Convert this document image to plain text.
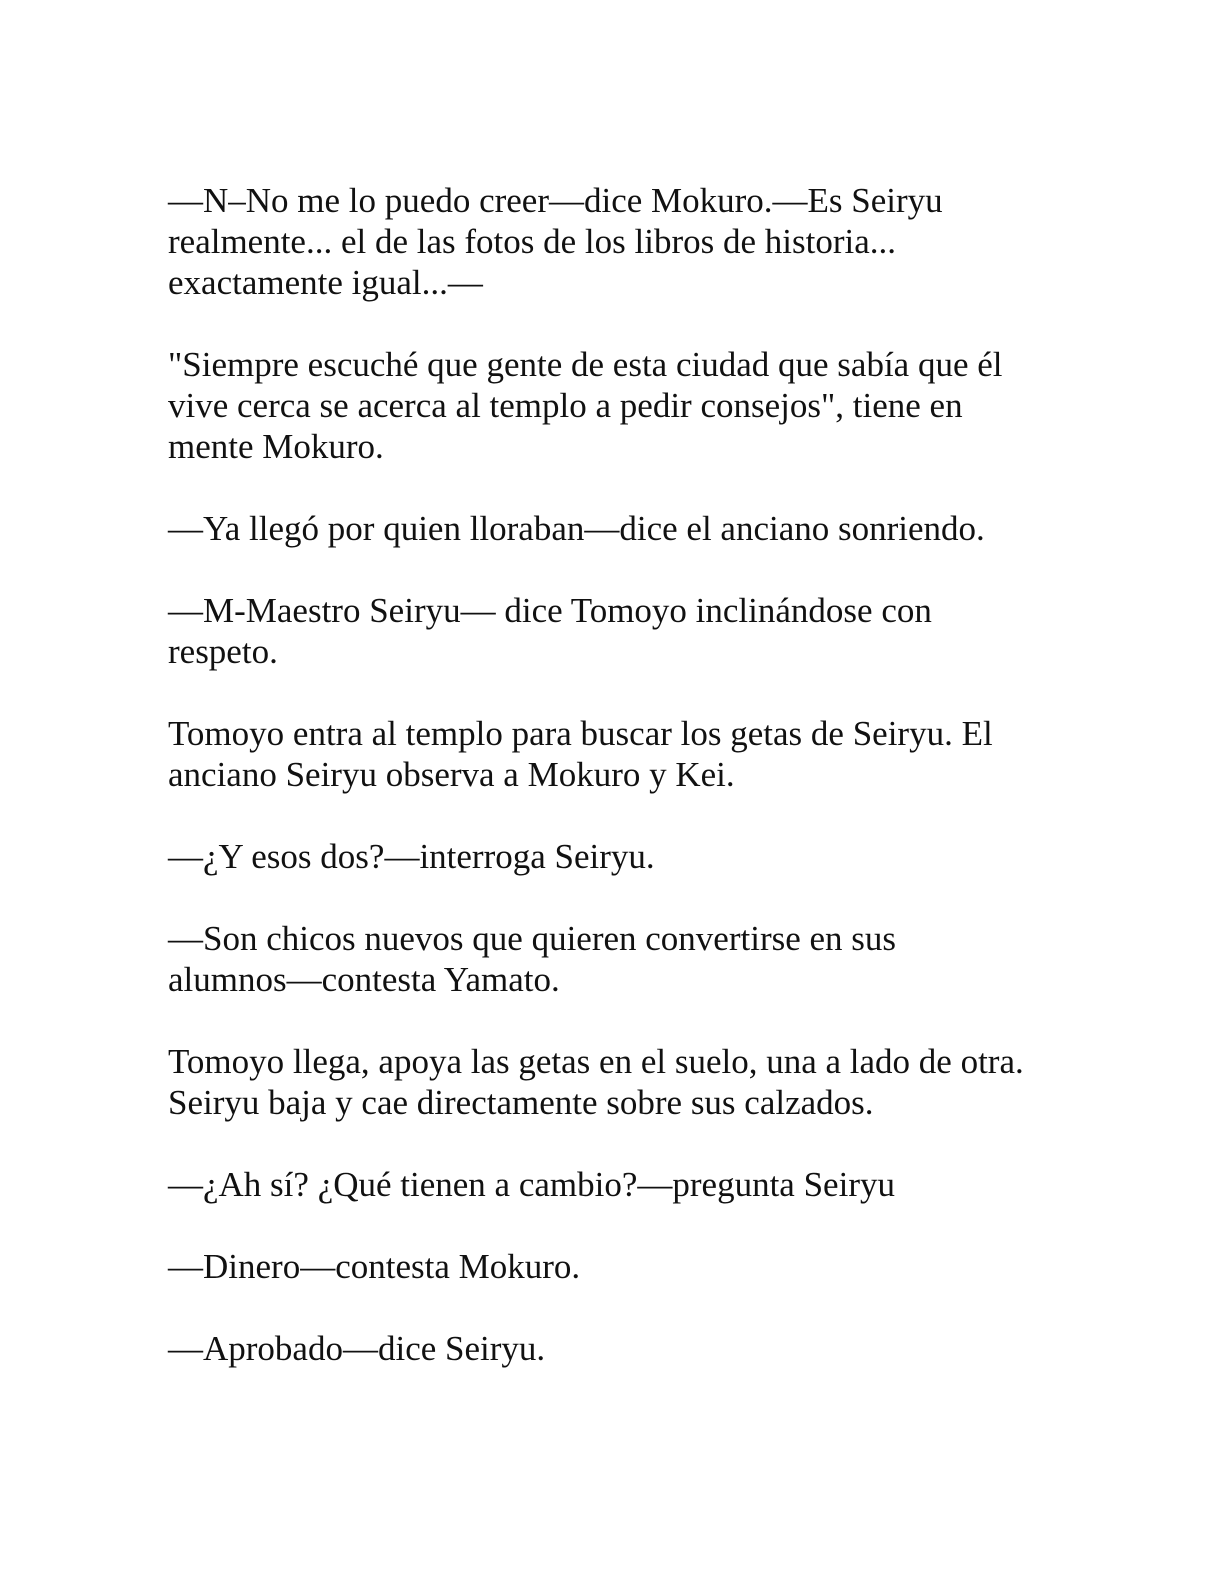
—N–No me lo puedo creer—dice Mokuro.—Es Seiryu
realmente... el de las fotos de los libros de historia...
exactamente igual...—

"Siempre escuché que gente de esta ciudad que sabía que él
vive cerca se acerca al templo a pedir consejos", tiene en
mente Mokuro.

—Ya llegó por quien lloraban—dice el anciano sonriendo.

—M-Maestro Seiryu— dice Tomoyo inclinándose con
respeto.

Tomoyo entra al templo para buscar los getas de Seiryu. El
anciano Seiryu observa a Mokuro y Kei.

—¿Y esos dos?—interroga Seiryu.

—Son chicos nuevos que quieren convertirse en sus
alumnos—contesta Yamato.

Tomoyo llega, apoya las getas en el suelo, una a lado de otra.
Seiryu baja y cae directamente sobre sus calzados.

—¿Ah sí? ¿Qué tienen a cambio?—pregunta Seiryu

—Dinero—contesta Mokuro.

—Aprobado—dice Seiryu.
